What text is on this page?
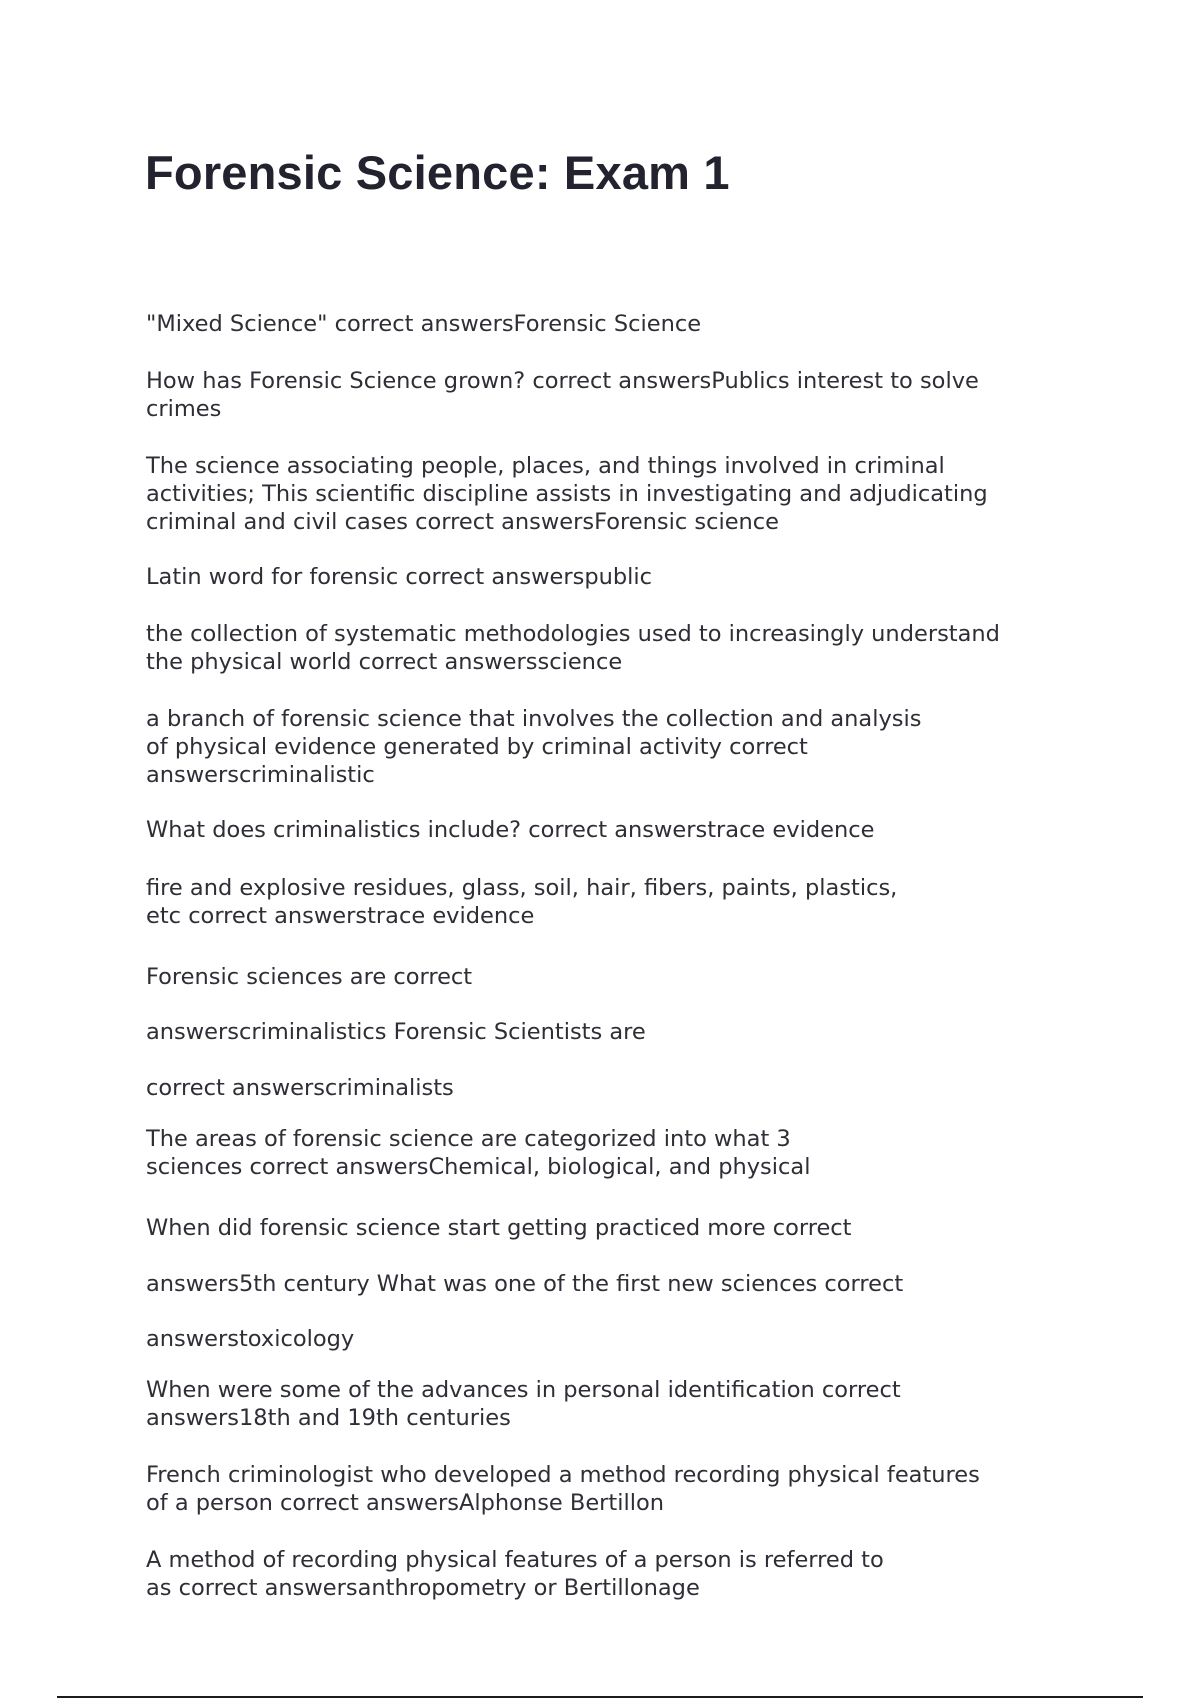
Forensic Science: Exam 1

"Mixed Science" correct answersForensic Science

How has Forensic Science grown? correct answersPublics interest to solve
crimes

The science associating people, places, and things involved in criminal
activities; This scientific discipline assists in investigating and adjudicating
criminal and civil cases correct answersForensic science

Latin word for forensic correct answerspublic

the collection of systematic methodologies used to increasingly understand
the physical world correct answersscience

a branch of forensic science that involves the collection and analysis
of physical evidence generated by criminal activity correct
answerscriminalistic

What does criminalistics include? correct answerstrace evidence

fire and explosive residues, glass, soil, hair, fibers, paints, plastics,
etc correct answerstrace evidence

Forensic sciences are correct

answerscriminalistics Forensic Scientists are

correct answerscriminalists

The areas of forensic science are categorized into what 3
sciences correct answersChemical, biological, and physical

When did forensic science start getting practiced more correct

answers5th century What was one of the first new sciences correct

answerstoxicology

When were some of the advances in personal identification correct
answers18th and 19th centuries

French criminologist who developed a method recording physical features
of a person correct answersAlphonse Bertillon

A method of recording physical features of a person is referred to
as correct answersanthropometry or Bertillonage
